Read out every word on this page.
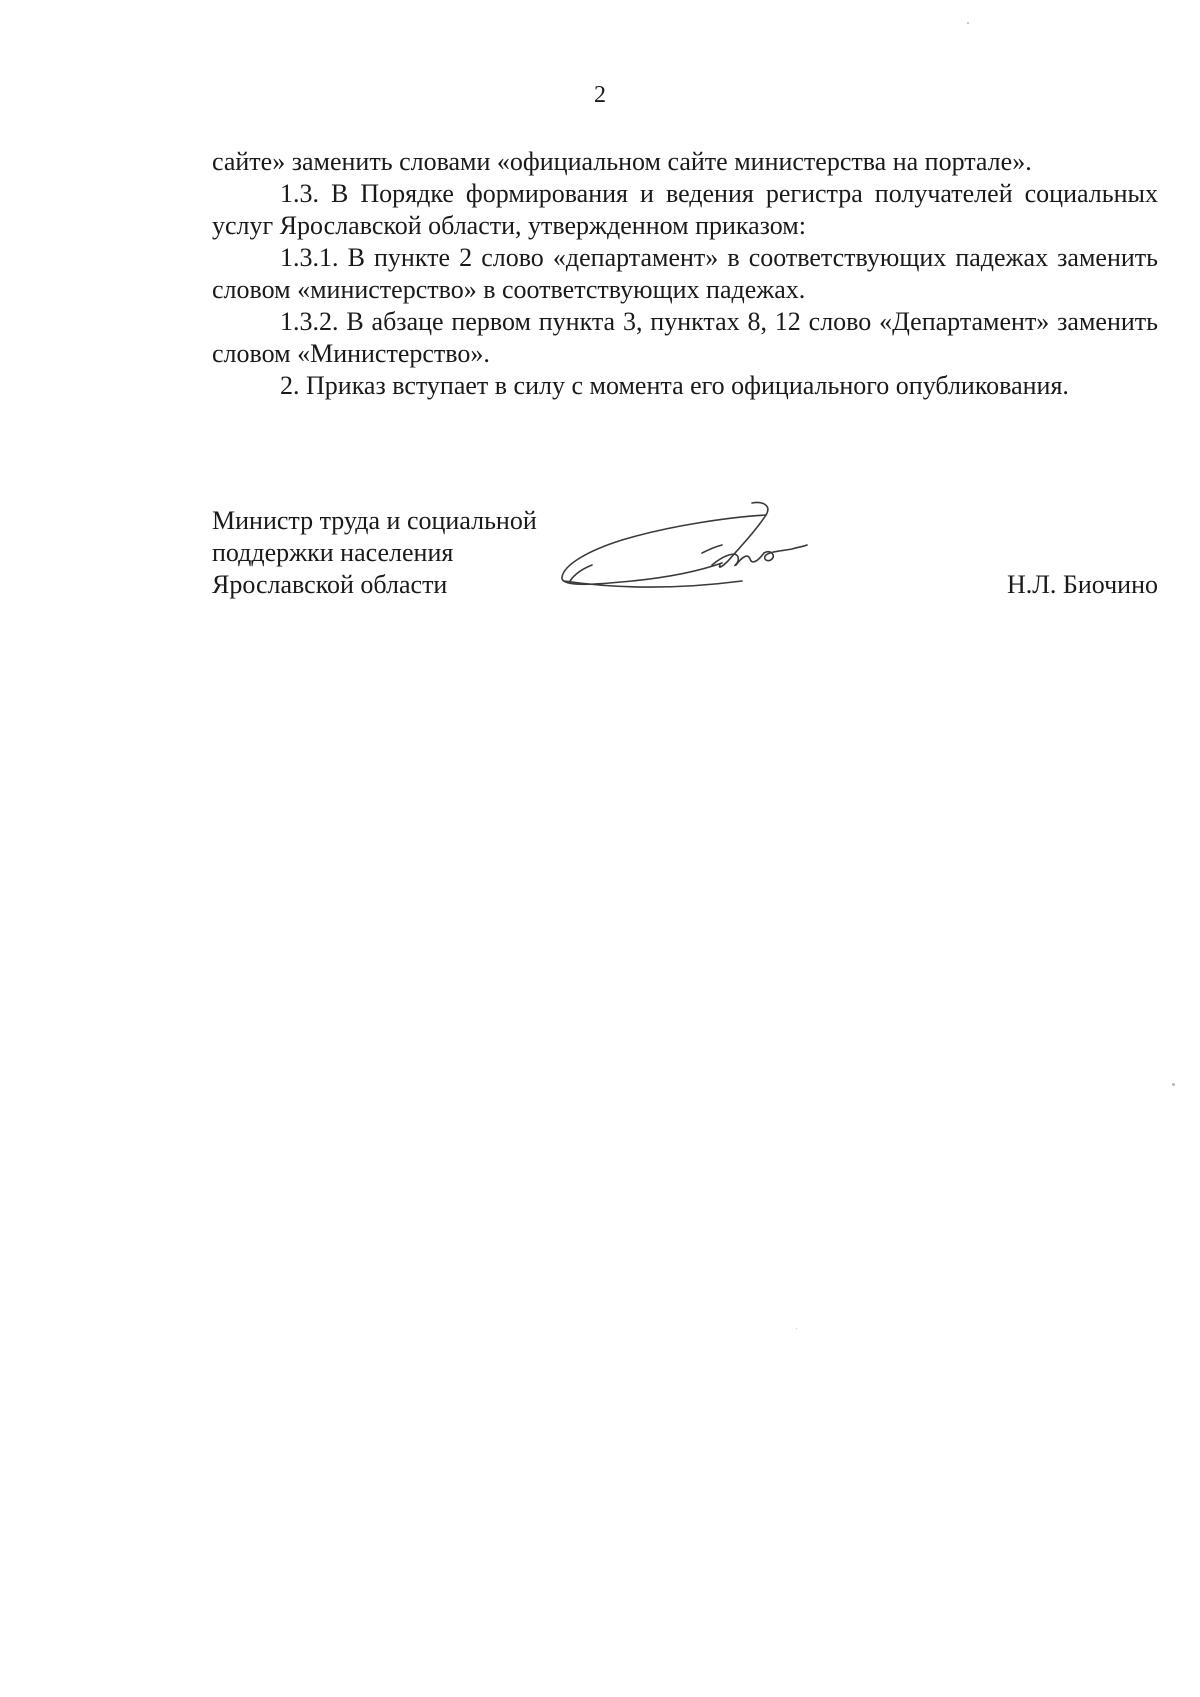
2

сайте» заменить словами «официальном сайте министерства на портале».

1.3. В Порядке формирования и ведения регистра получателей социальных услуг Ярославской области, утвержденном приказом:

1.3.1. В пункте 2 слово «департамент» в соответствующих падежах заменить словом «министерство» в соответствующих падежах.

1.3.2. В абзаце первом пункта 3, пунктах 8, 12 слово «Департамент» заменить словом «Министерство».

2. Приказ вступает в силу с момента его официального опубликования.

Министр труда и социальной
поддержки населения
Ярославской области	Н.Л. Биочино
